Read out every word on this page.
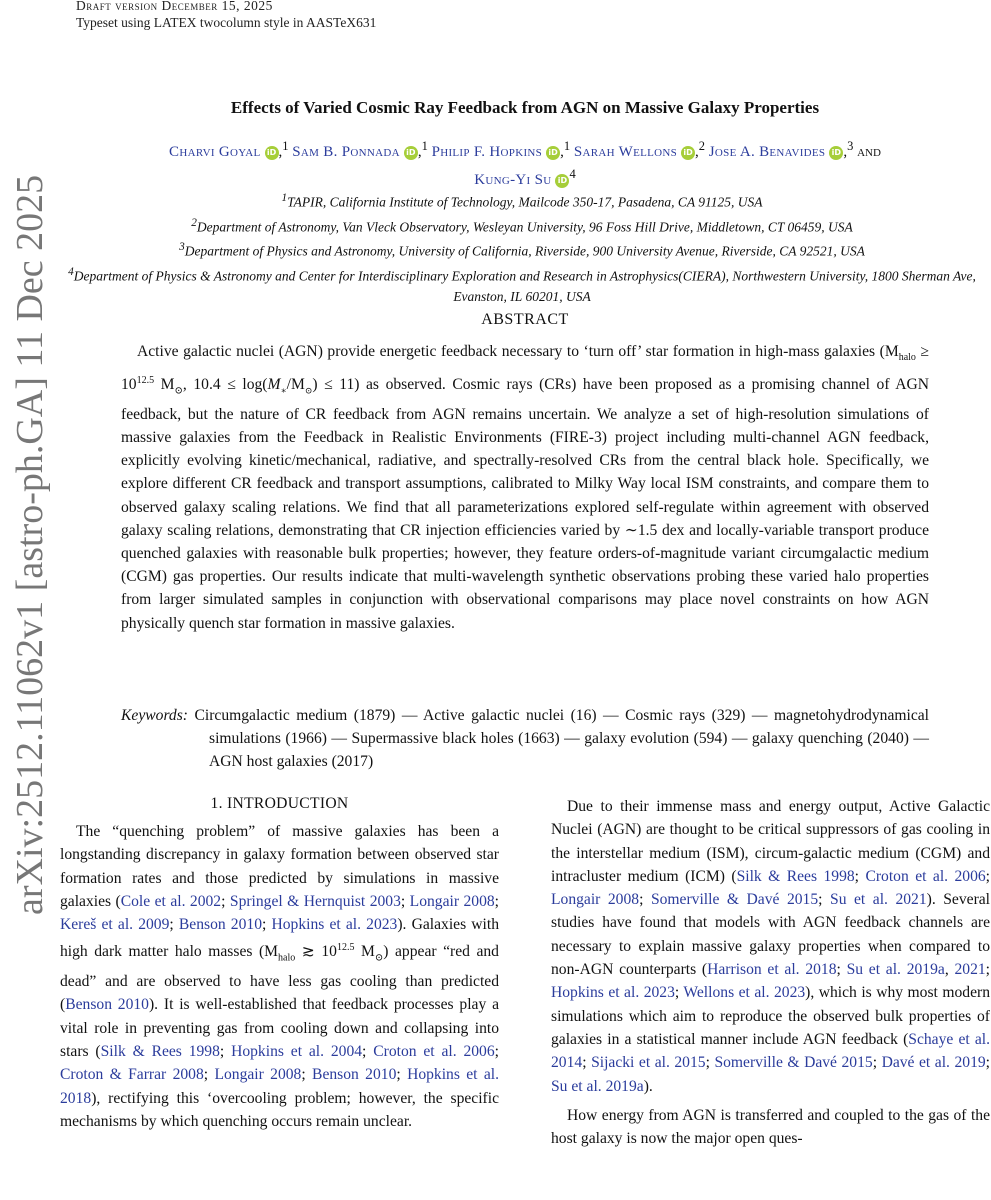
Draft version December 15, 2025
Typeset using LATEX twocolumn style in AASTeX631
arXiv:2512.11062v1 [astro-ph.GA] 11 Dec 2025
Effects of Varied Cosmic Ray Feedback from AGN on Massive Galaxy Properties
Charvi Goyal iD ,$^1$ Sam B. Ponnada iD ,$^1$ Philip F. Hopkins iD ,$^1$ Sarah Wellons iD ,$^2$ Jose A. Benavides iD ,$^3$ and
Kung-Yi Su iD $^4$
$^1$TAPIR, California Institute of Technology, Mailcode 350-17, Pasadena, CA 91125, USA
$^2$Department of Astronomy, Van Vleck Observatory, Wesleyan University, 96 Foss Hill Drive, Middletown, CT 06459, USA
$^3$Department of Physics and Astronomy, University of California, Riverside, 900 University Avenue, Riverside, CA 92521, USA
$^4$Department of Physics & Astronomy and Center for Interdisciplinary Exploration and Research in Astrophysics(CIERA), Northwestern University, 1800 Sherman Ave, Evanston, IL 60201, USA
ABSTRACT
Active galactic nuclei (AGN) provide energetic feedback necessary to ‘turn off’ star formation in high-mass galaxies ($M_{halo} \ge 10^{12.5}$ $M_⊙$, $10.4 \le \log(M_∗/M_⊙) \le 11$) as observed. Cosmic rays (CRs) have been proposed as a promising channel of AGN feedback, but the nature of CR feedback from AGN remains uncertain. We analyze a set of high-resolution simulations of massive galaxies from the Feedback in Realistic Environments (FIRE-3) project including multi-channel AGN feedback, explicitly evolving kinetic/mechanical, radiative, and spectrally-resolved CRs from the central black hole. Specifically, we explore different CR feedback and transport assumptions, calibrated to Milky Way local ISM constraints, and compare them to observed galaxy scaling relations. We find that all parameterizations explored self-regulate within agreement with observed galaxy scaling relations, demonstrating that CR injection efficiencies varied by ∼1.5 dex and locally-variable transport produce quenched galaxies with reasonable bulk properties; however, they feature orders-of-magnitude variant circumgalactic medium (CGM) gas properties. Our results indicate that multi-wavelength synthetic observations probing these varied halo properties from larger simulated samples in conjunction with observational comparisons may place novel constraints on how AGN physically quench star formation in massive galaxies.
Keywords: Circumgalactic medium (1879) — Active galactic nuclei (16) — Cosmic rays (329) — magnetohydrodynamical simulations (1966) — Supermassive black holes (1663) — galaxy evolution (594) — galaxy quenching (2040) — AGN host galaxies (2017)
1. INTRODUCTION

The “quenching problem” of massive galaxies has been a longstanding discrepancy in galaxy formation between observed star formation rates and those predicted by simulations in massive galaxies (Cole et al. 2002; Springel & Hernquist 2003; Longair 2008; Kereš et al. 2009; Benson 2010; Hopkins et al. 2023). Galaxies with high dark matter halo masses ($M_{halo}$ ≳ $10^{12.5}$ $M_⊙$) appear “red and dead” and are observed to have less gas cooling than predicted (Benson 2010). It is well-established that feedback processes play a vital role in preventing gas from cooling down and collapsing into stars (Silk & Rees 1998; Hopkins et al. 2004; Croton et al. 2006; Croton & Farrar 2008; Longair 2008; Benson 2010; Hopkins et al. 2018), rectifying this ‘overcooling problem; however, the specific mechanisms by which quenching occurs remain unclear.

Due to their immense mass and energy output, Active Galactic Nuclei (AGN) are thought to be critical suppressors of gas cooling in the interstellar medium (ISM), circum-galactic medium (CGM) and intracluster medium (ICM) (Silk & Rees 1998; Croton et al. 2006; Longair 2008; Somerville & Davé 2015; Su et al. 2021). Several studies have found that models with AGN feedback channels are necessary to explain massive galaxy properties when compared to non-AGN counterparts (Harrison et al. 2018; Su et al. 2019a, 2021; Hopkins et al. 2023; Wellons et al. 2023), which is why most modern simulations which aim to reproduce the observed bulk properties of galaxies in a statistical manner include AGN feedback (Schaye et al. 2014; Sijacki et al. 2015; Somerville & Davé 2015; Davé et al. 2019; Su et al. 2019a).

How energy from AGN is transferred and coupled to the gas of the host galaxy is now the major open ques-
